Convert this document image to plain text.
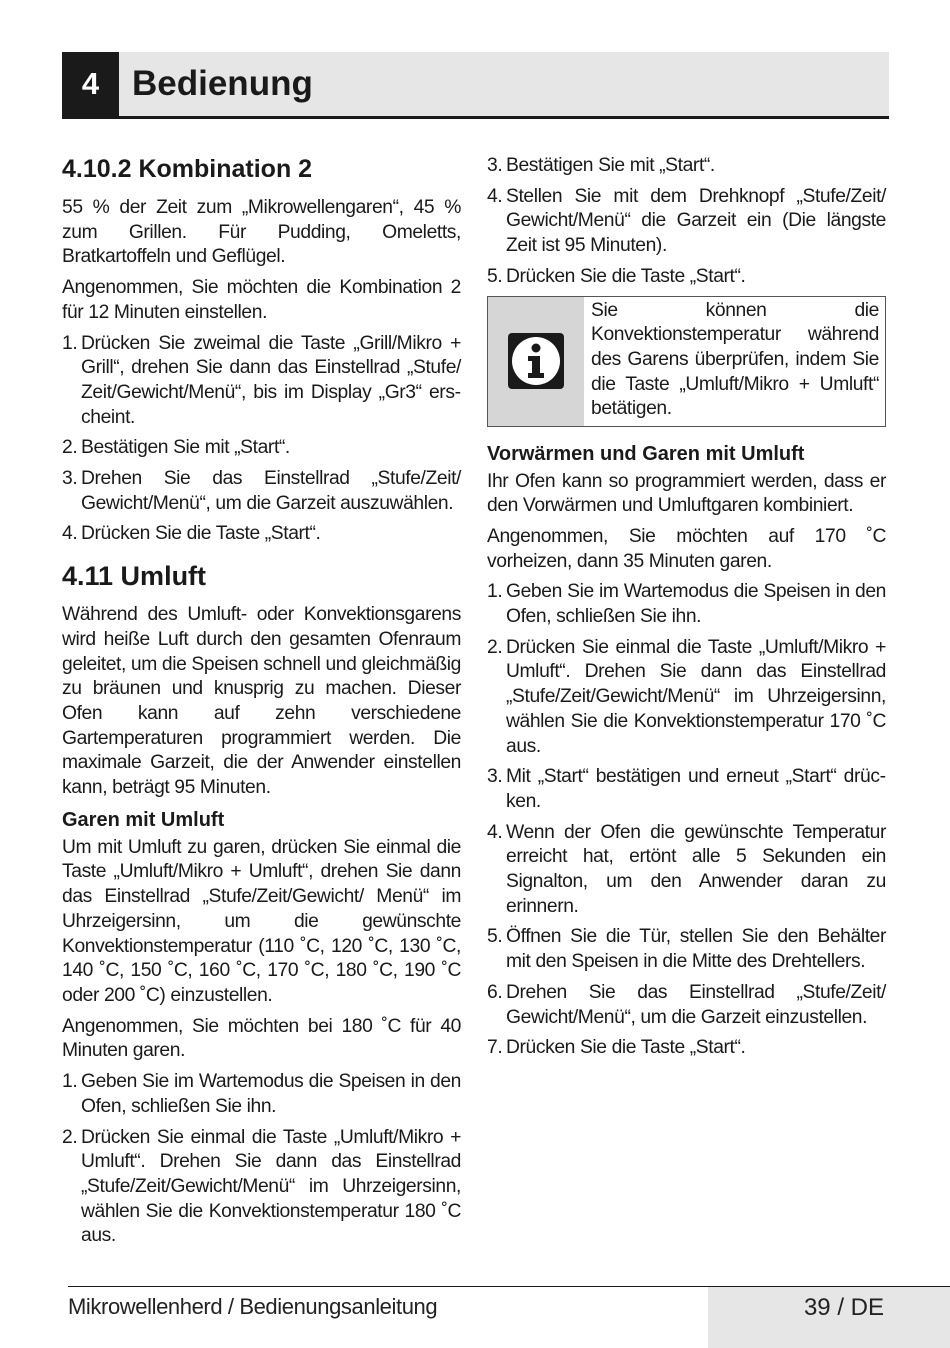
4 Bedienung
4.10.2 Kombination 2

55 % der Zeit zum „Mikrowellengaren“, 45 % zum Grillen. Für Pudding, Omeletts, Bratkartoffeln und Geflügel.

Angenommen, Sie möchten die Kombination 2 für 12 Minuten einstellen.

1. Drücken Sie zweimal die Taste „Grill/Mikro + Grill“, drehen Sie dann das Einstellrad „Stufe/ Zeit/Gewicht/Menü“, bis im Display „Gr3“ erscheint.
2. Bestätigen Sie mit „Start“.
3. Drehen Sie das Einstellrad „Stufe/Zeit/ Gewicht/Menü“, um die Garzeit auszuwählen.
4. Drücken Sie die Taste „Start“.
4.11 Umluft

Während des Umluft- oder Konvektionsgarens wird heiße Luft durch den gesamten Ofenraum geleitet, um die Speisen schnell und gleichmäßig zu bräunen und knusprig zu machen. Dieser Ofen kann auf zehn verschiedene Gartemperaturen programmiert werden. Die maximale Garzeit, die der Anwender einstellen kann, beträgt 95 Minuten.

Garen mit Umluft

Um mit Umluft zu garen, drücken Sie einmal die Taste „Umluft/Mikro + Umluft“, drehen Sie dann das Einstellrad „Stufe/Zeit/Gewicht/ Menü“ im Uhrzeigersinn, um die gewünschte Konvektionstemperatur (110 ˚C, 120 ˚C, 130 ˚C, 140 ˚C, 150 ˚C, 160 ˚C, 170 ˚C, 180 ˚C, 190 ˚C oder 200 ˚C) einzustellen.

Angenommen, Sie möchten bei 180 ˚C für 40 Minuten garen.

1. Geben Sie im Wartemodus die Speisen in den Ofen, schließen Sie ihn.
2. Drücken Sie einmal die Taste „Umluft/Mikro + Umluft“. Drehen Sie dann das Einstellrad „Stufe/Zeit/Gewicht/Menü“ im Uhrzeigersinn, wählen Sie die Konvektionstemperatur 180 ˚C aus.
3. Bestätigen Sie mit „Start“.
4. Stellen Sie mit dem Drehknopf „Stufe/Zeit/ Gewicht/Menü“ die Garzeit ein (Die längste Zeit ist 95 Minuten).
5. Drücken Sie die Taste „Start“.
Sie können die Konvektionstemperatur während des Garens überprüfen, indem Sie die Taste „Umluft/Mikro + Umluft“ betätigen.
Vorwärmen und Garen mit Umluft

Ihr Ofen kann so programmiert werden, dass er den Vorwärmen und Umluftgaren kombiniert.

Angenommen, Sie möchten auf 170 ˚C vorheizen, dann 35 Minuten garen.

1. Geben Sie im Wartemodus die Speisen in den Ofen, schließen Sie ihn.
2. Drücken Sie einmal die Taste „Umluft/Mikro + Umluft“. Drehen Sie dann das Einstellrad „Stufe/Zeit/Gewicht/Menü“ im Uhrzeigersinn, wählen Sie die Konvektionstemperatur 170 ˚C aus.
3. Mit „Start“ bestätigen und erneut „Start“ drücken.
4. Wenn der Ofen die gewünschte Temperatur erreicht hat, ertönt alle 5 Sekunden ein Signalton, um den Anwender daran zu erinnern.
5. Öffnen Sie die Tür, stellen Sie den Behälter mit den Speisen in die Mitte des Drehtellers.
6. Drehen Sie das Einstellrad „Stufe/Zeit/ Gewicht/Menü“, um die Garzeit einzustellen.
7. Drücken Sie die Taste „Start“.
Mikrowellenherd / Bedienungsanleitung	39 / DE
